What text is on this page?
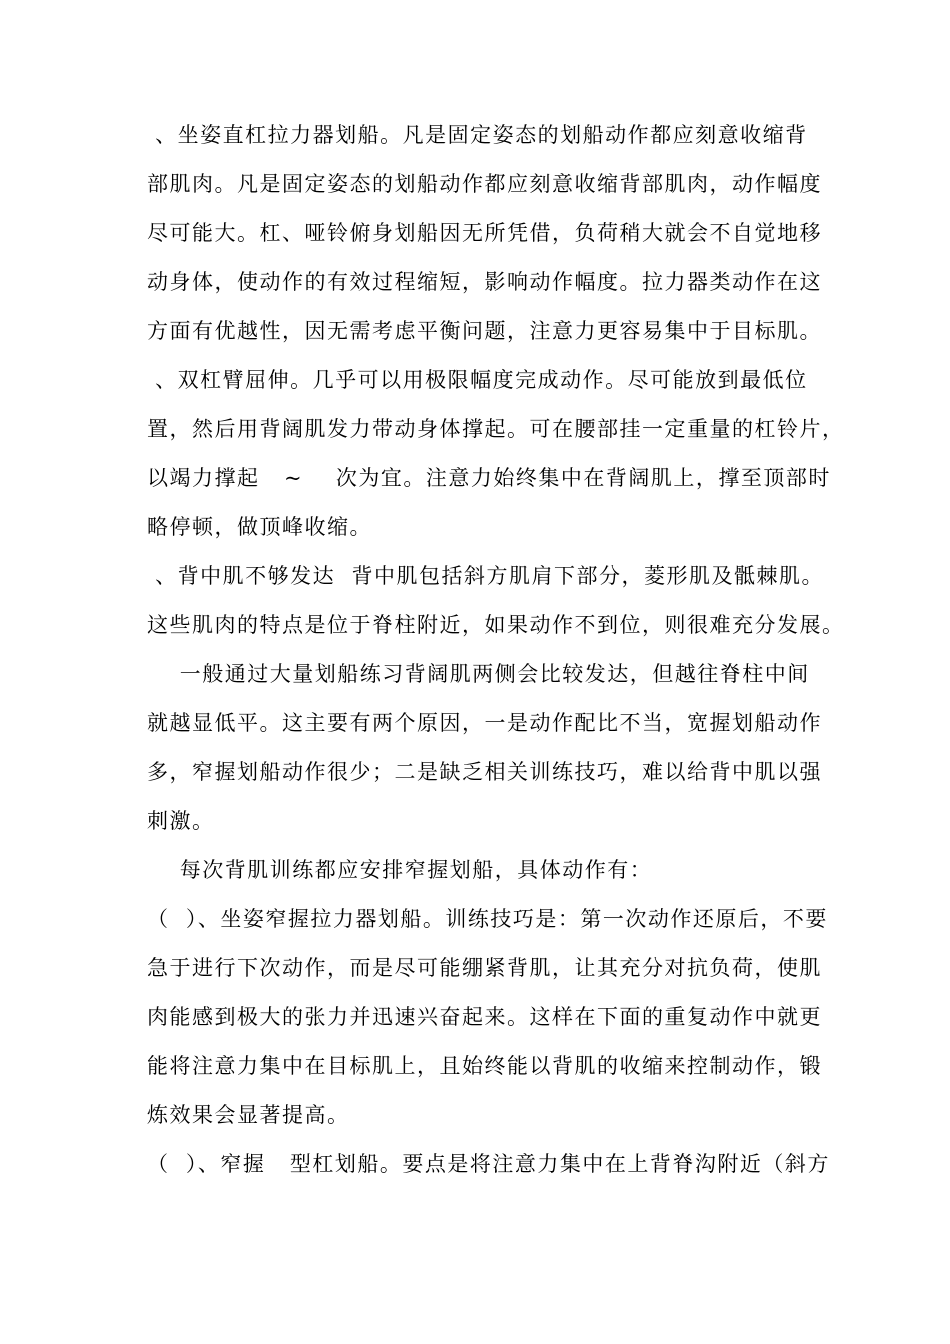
、坐姿直杠拉力器划船。凡是固定姿态的划船动作都应刻意收缩背
部肌肉。凡是固定姿态的划船动作都应刻意收缩背部肌肉，动作幅度
尽可能大。杠、哑铃俯身划船因无所凭借，负荷稍大就会不自觉地移
动身体，使动作的有效过程缩短，影响动作幅度。拉力器类动作在这
方面有优越性，因无需考虑平衡问题，注意力更容易集中于目标肌。
、双杠臂屈伸。几乎可以用极限幅度完成动作。尽可能放到最低位
置，然后用背阔肌发力带动身体撑起。可在腰部挂一定重量的杠铃片，
以竭力撑起   ~    次为宜。注意力始终集中在背阔肌上，撑至顶部时
略停顿，做顶峰收缩。
、背中肌不够发达  背中肌包括斜方肌肩下部分，菱形肌及骶棘肌。
这些肌肉的特点是位于脊柱附近，如果动作不到位，则很难充分发展。
一般通过大量划船练习背阔肌两侧会比较发达，但越往脊柱中间
就越显低平。这主要有两个原因，一是动作配比不当，宽握划船动作
多，窄握划船动作很少；二是缺乏相关训练技巧，难以给背中肌以强
刺激。
每次背肌训练都应安排窄握划船，具体动作有：
（  ）、坐姿窄握拉力器划船。训练技巧是：第一次动作还原后，不要
急于进行下次动作，而是尽可能绷紧背肌，让其充分对抗负荷，使肌
肉能感到极大的张力并迅速兴奋起来。这样在下面的重复动作中就更
能将注意力集中在目标肌上，且始终能以背肌的收缩来控制动作，锻
炼效果会显著提高。
（  ）、窄握   型杠划船。要点是将注意力集中在上背脊沟附近（斜方
